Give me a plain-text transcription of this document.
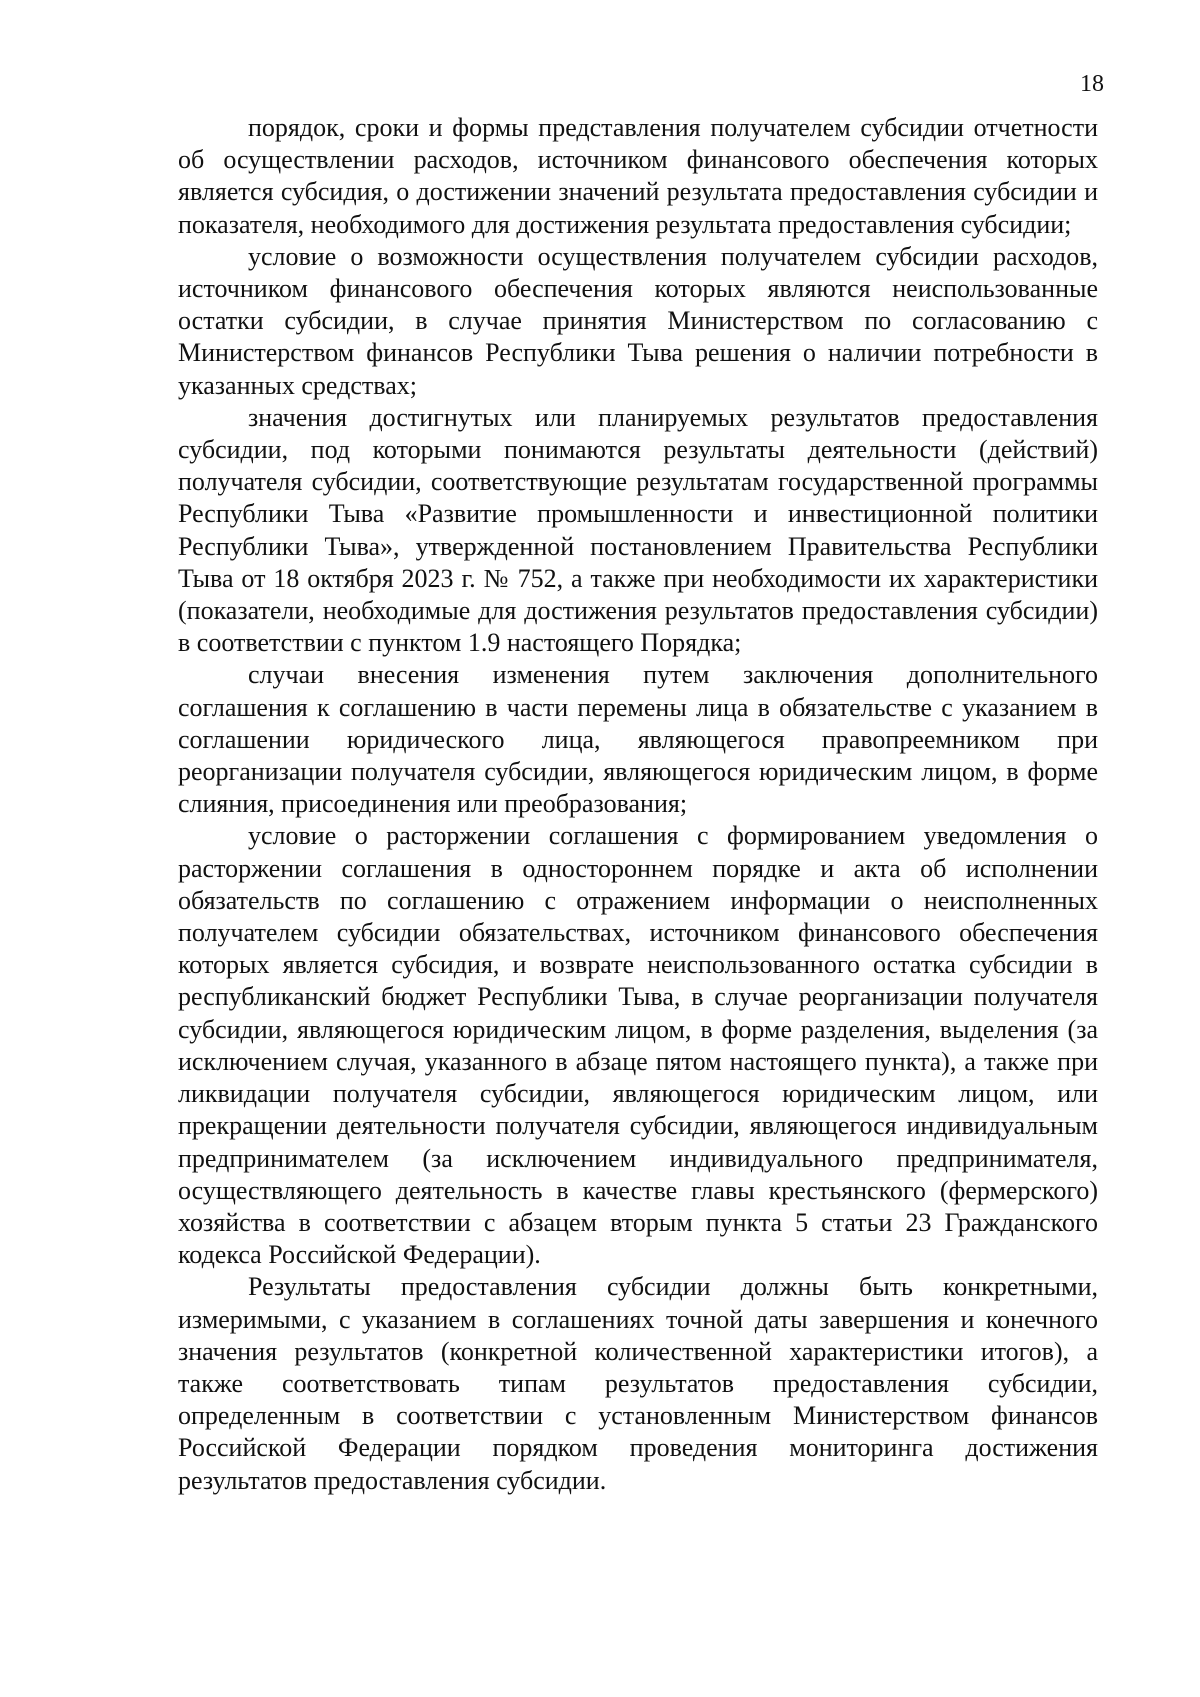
18

порядок, сроки и формы представления получателем субсидии отчетности об осуществлении расходов, источником финансового обеспечения которых является субсидия, о достижении значений результата предоставления субсидии и показателя, необходимого для достижения результата предоставления субсидии;

условие о возможности осуществления получателем субсидии расходов, источником финансового обеспечения которых являются неиспользованные остатки субсидии, в случае принятия Министерством по согласованию с Министерством финансов Республики Тыва решения о наличии потребности в указанных средствах;

значения достигнутых или планируемых результатов предоставления субсидии, под которыми понимаются результаты деятельности (действий) получателя субсидии, соответствующие результатам государственной программы Республики Тыва «Развитие промышленности и инвестиционной политики Республики Тыва», утвержденной постановлением Правительства Республики Тыва от 18 октября 2023 г. № 752, а также при необходимости их характеристики (показатели, необходимые для достижения результатов предоставления субсидии) в соответствии с пунктом 1.9 настоящего Порядка;

случаи внесения изменения путем заключения дополнительного соглашения к соглашению в части перемены лица в обязательстве с указанием в соглашении юридического лица, являющегося правопреемником при реорганизации получателя субсидии, являющегося юридическим лицом, в форме слияния, присоединения или преобразования;

условие о расторжении соглашения с формированием уведомления о расторжении соглашения в одностороннем порядке и акта об исполнении обязательств по соглашению с отражением информации о неисполненных получателем субсидии обязательствах, источником финансового обеспечения которых является субсидия, и возврате неиспользованного остатка субсидии в республиканский бюджет Республики Тыва, в случае реорганизации получателя субсидии, являющегося юридическим лицом, в форме разделения, выделения (за исключением случая, указанного в абзаце пятом настоящего пункта), а также при ликвидации получателя субсидии, являющегося юридическим лицом, или прекращении деятельности получателя субсидии, являющегося индивидуальным предпринимателем (за исключением индивидуального предпринимателя, осуществляющего деятельность в качестве главы крестьянского (фермерского) хозяйства в соответствии с абзацем вторым пункта 5 статьи 23 Гражданского кодекса Российской Федерации).

Результаты предоставления субсидии должны быть конкретными, измеримыми, с указанием в соглашениях точной даты завершения и конечного значения результатов (конкретной количественной характеристики итогов), а также соответствовать типам результатов предоставления субсидии, определенным в соответствии с установленным Министерством финансов Российской Федерации порядком проведения мониторинга достижения результатов предоставления субсидии.
